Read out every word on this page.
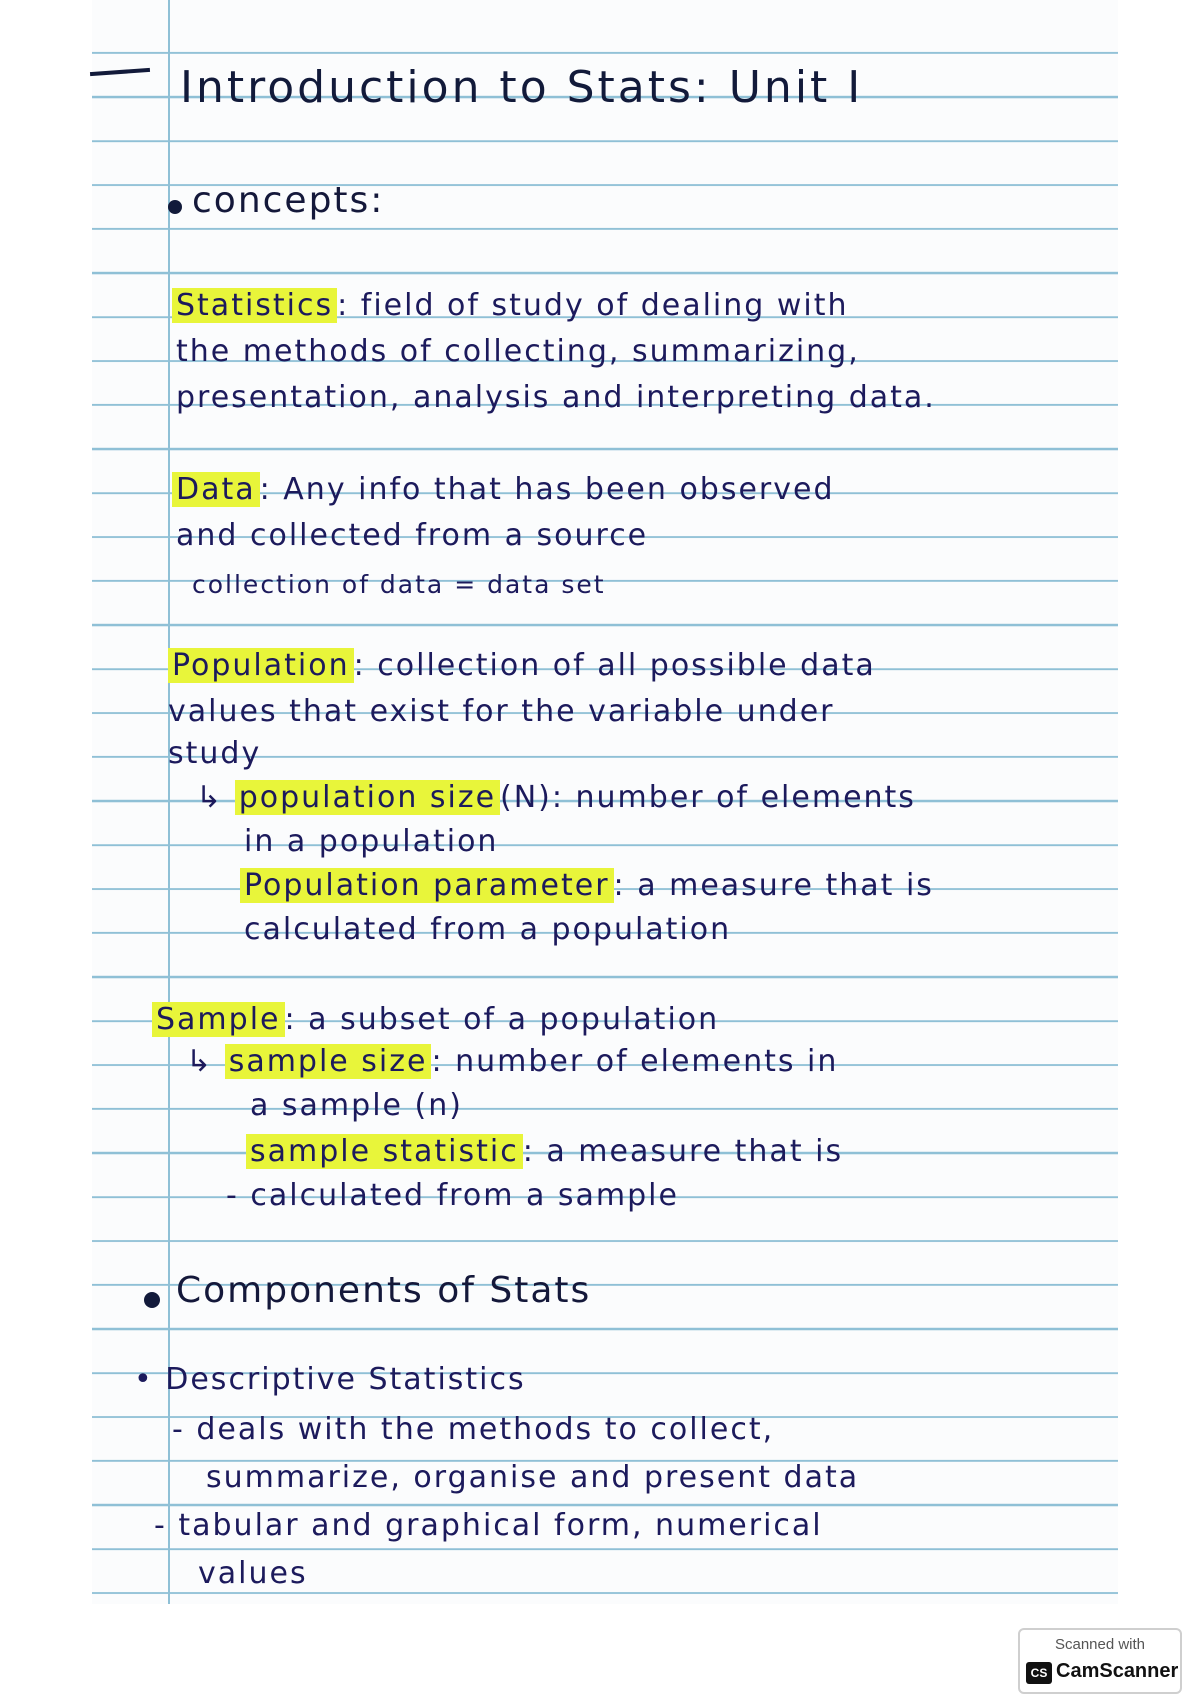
Introduction to Stats: Unit I
concepts:
Statistics : field of study of dealing with
the methods of collecting, summarizing,
presentation, analysis and interpreting data.
Data : Any info that has been observed
and collected from a source
collection of data = data set
Population : collection of all possible data
values that exist for the variable under
study
↳ population size (N): number of elements
in a population
Population parameter : a measure that is
calculated from a population
Sample : a subset of a population
↳ sample size : number of elements in
a sample (n)
sample statistic : a measure that is
- calculated from a sample
Components of Stats
• Descriptive Statistics
- deals with the methods to collect,
summarize, organise and present data
- tabular and graphical form, numerical
values
Scanned with
CS CamScanner
